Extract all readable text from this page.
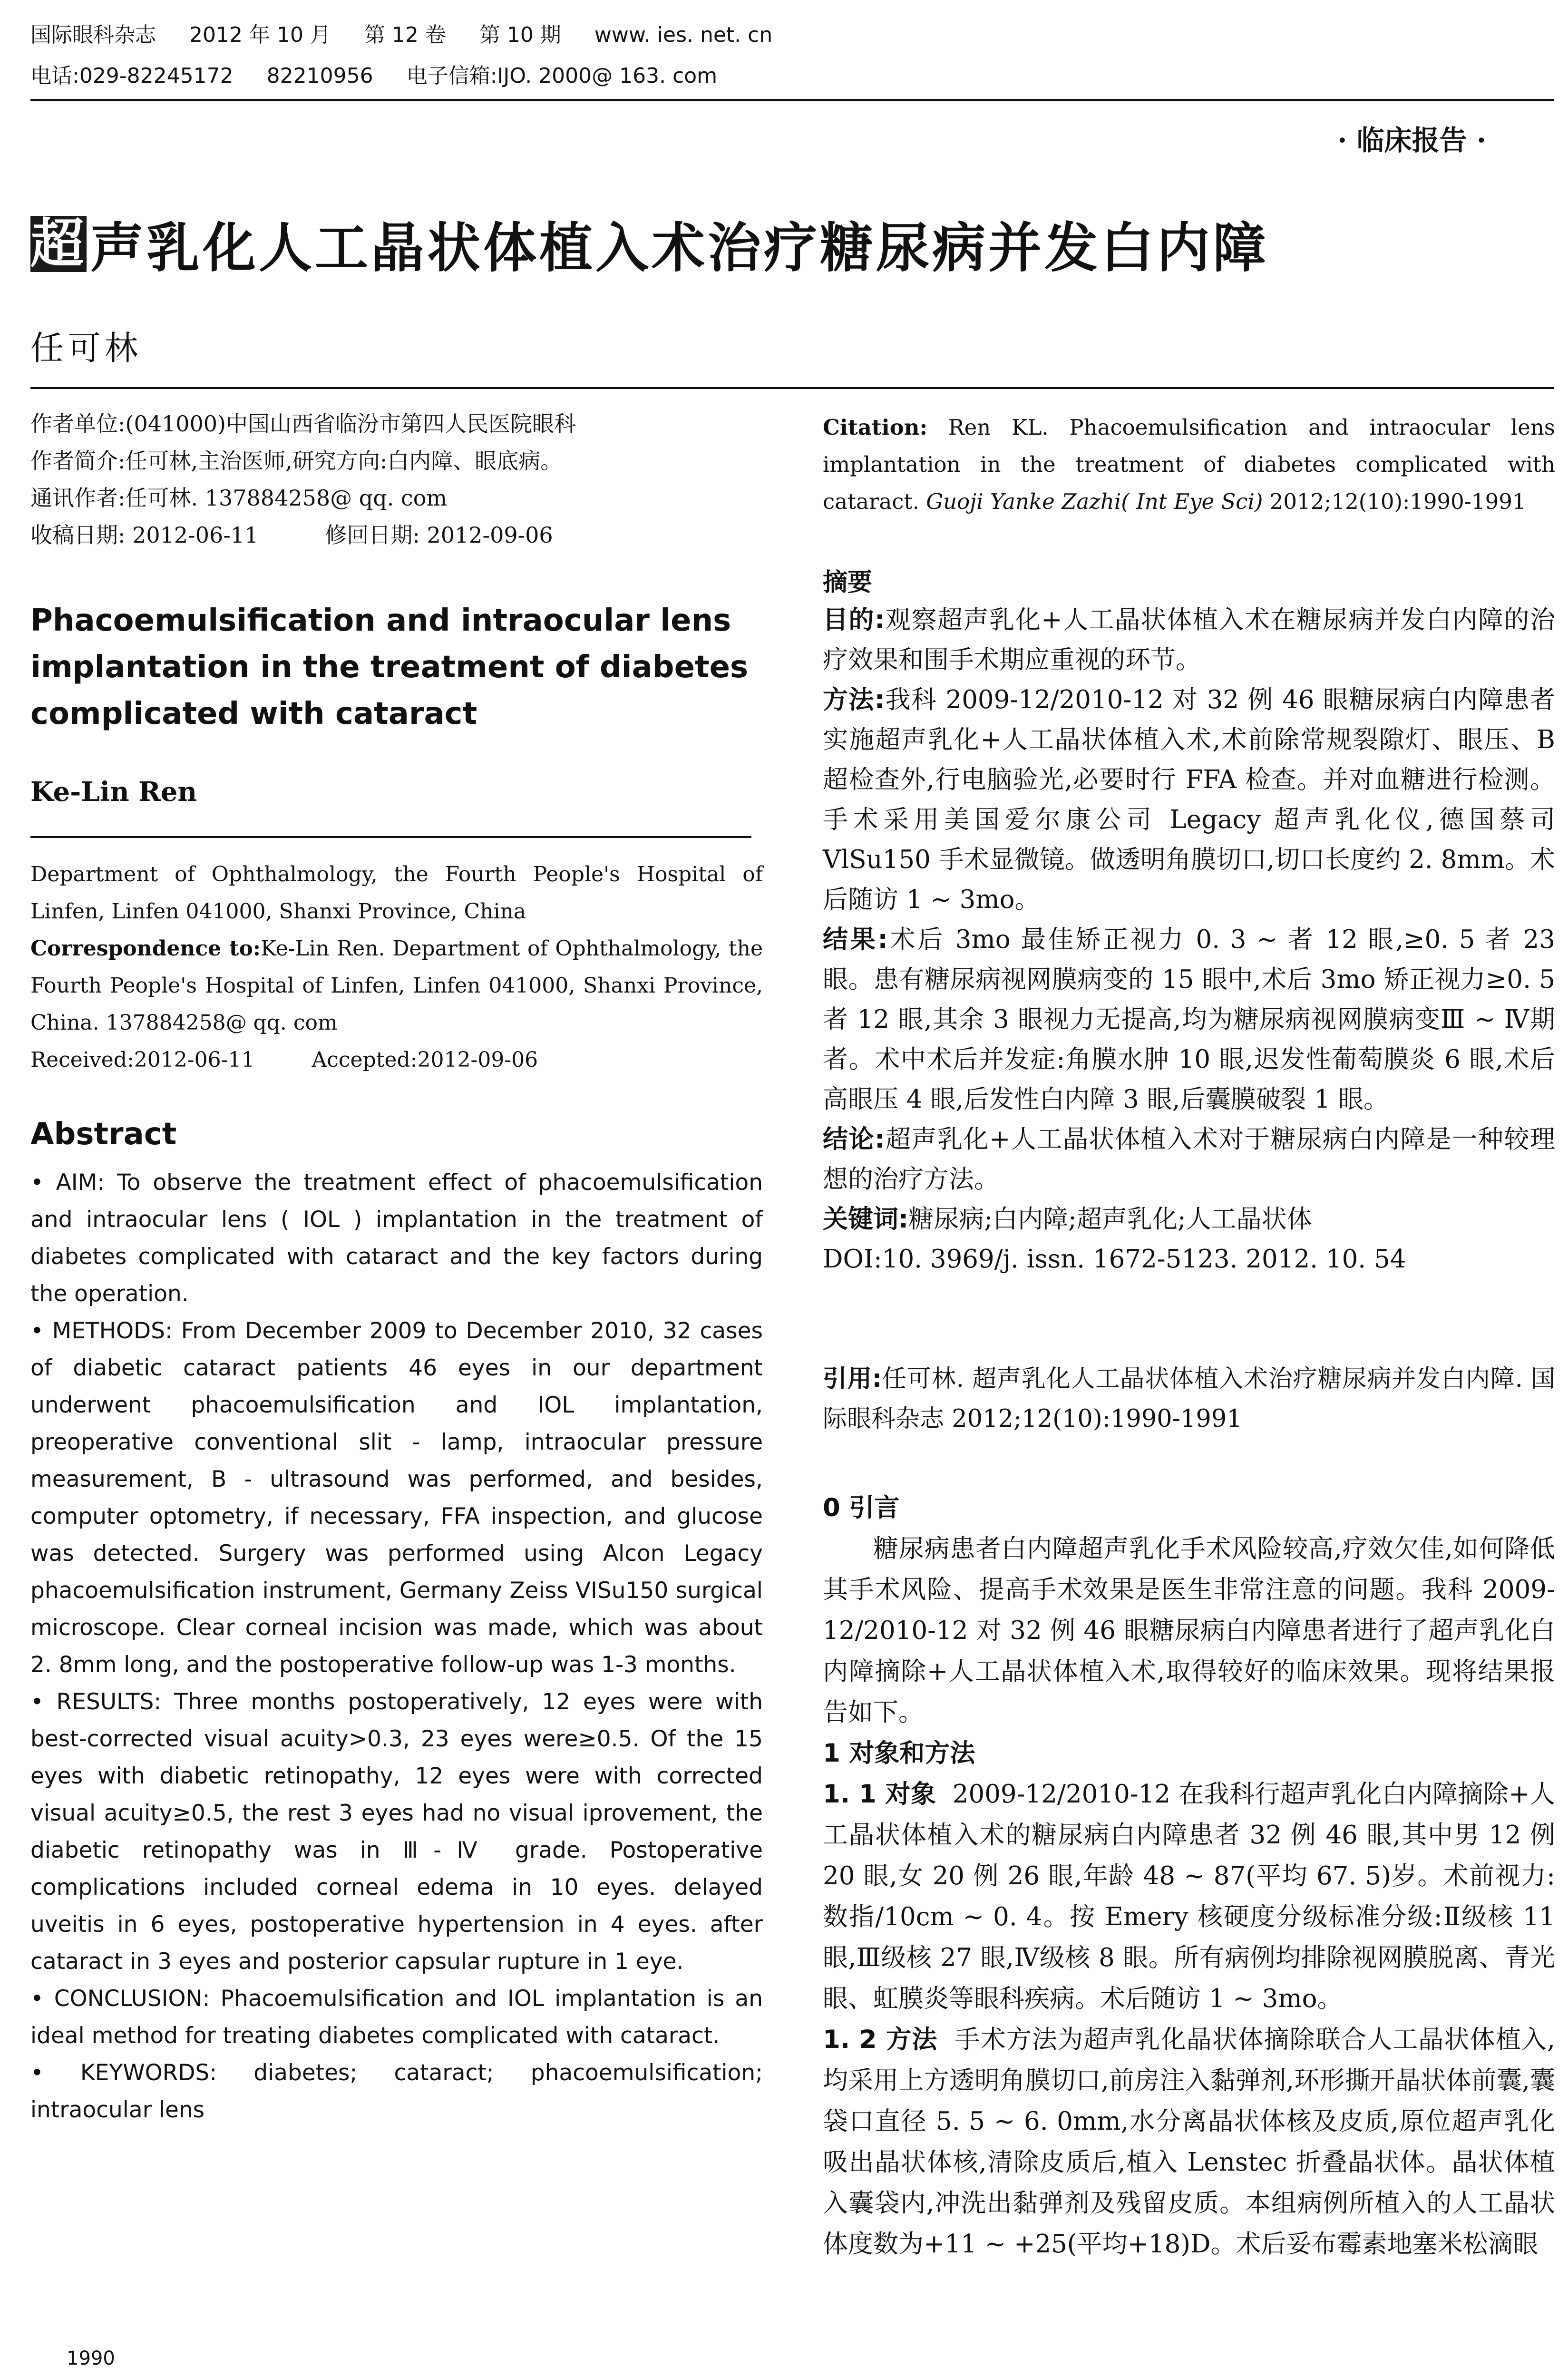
国际眼科杂志 2012 年 10 月 第 12 卷 第 10 期 www. ies. net. cn
电话:029-82245172 82210956 电子信箱:IJO. 2000@ 163. com
· 临床报告 ·
超 声乳化人工晶状体植入术治疗糖尿病并发白内障
任可林
作者单位:(041000)中国山西省临汾市第四人民医院眼科
作者简介:任可林,主治医师,研究方向:白内障、眼底病。
通讯作者:任可林. 137884258@ qq. com
收稿日期: 2012-06-11	修回日期: 2012-09-06
Phacoemulsification and intraocular lens implantation in the treatment of diabetes complicated with cataract
Ke-Lin Ren
Department of Ophthalmology, the Fourth People's Hospital of Linfen, Linfen 041000, Shanxi Province, China
Correspondence to:Ke-Lin Ren. Department of Ophthalmology, the Fourth People's Hospital of Linfen, Linfen 041000, Shanxi Province, China. 137884258@ qq. com
Received:2012-06-11	Accepted:2012-09-06
Abstract

• AIM: To observe the treatment effect of phacoemulsification and intraocular lens ( IOL ) implantation in the treatment of diabetes complicated with cataract and the key factors during the operation.

• METHODS: From December 2009 to December 2010, 32 cases of diabetic cataract patients 46 eyes in our department underwent phacoemulsification and IOL implantation, preoperative conventional slit - lamp, intraocular pressure measurement, B - ultrasound was performed, and besides, computer optometry, if necessary, FFA inspection, and glucose was detected. Surgery was performed using Alcon Legacy phacoemulsification instrument, Germany Zeiss VISu150 surgical microscope. Clear corneal incision was made, which was about 2. 8mm long, and the postoperative follow-up was 1-3 months.

• RESULTS: Three months postoperatively, 12 eyes were with best-corrected visual acuity>0.3, 23 eyes were≥0.5. Of the 15 eyes with diabetic retinopathy, 12 eyes were with corrected visual acuity≥0.5, the rest 3 eyes had no visual iprovement, the diabetic retinopathy was in Ⅲ-Ⅳ grade. Postoperative complications included corneal edema in 10 eyes. delayed uveitis in 6 eyes, postoperative hypertension in 4 eyes. after cataract in 3 eyes and posterior capsular rupture in 1 eye.

• CONCLUSION: Phacoemulsification and IOL implantation is an ideal method for treating diabetes complicated with cataract.

• KEYWORDS: diabetes; cataract; phacoemulsification; intraocular lens

Citation: Ren KL. Phacoemulsification and intraocular lens implantation in the treatment of diabetes complicated with cataract. Guoji Yanke Zazhi( Int Eye Sci) 2012;12(10):1990-1991
摘要

目的:观察超声乳化+人工晶状体植入术在糖尿病并发白内障的治疗效果和围手术期应重视的环节。

方法:我科 2009-12/2010-12 对 32 例 46 眼糖尿病白内障患者实施超声乳化+人工晶状体植入术,术前除常规裂隙灯、眼压、B 超检查外,行电脑验光,必要时行 FFA 检查。并对血糖进行检测。手术采用美国爱尔康公司 Legacy 超声乳化仪,德国蔡司 VlSu150 手术显微镜。做透明角膜切口,切口长度约 2. 8mm。术后随访 1 ~ 3mo。

结果:术后 3mo 最佳矫正视力 0. 3 ~ 者 12 眼,≥0. 5 者 23 眼。患有糖尿病视网膜病变的 15 眼中,术后 3mo 矫正视力≥0. 5 者 12 眼,其余 3 眼视力无提高,均为糖尿病视网膜病变Ⅲ ~ Ⅳ期者。术中术后并发症:角膜水肿 10 眼,迟发性葡萄膜炎 6 眼,术后高眼压 4 眼,后发性白内障 3 眼,后囊膜破裂 1 眼。

结论:超声乳化+人工晶状体植入术对于糖尿病白内障是一种较理想的治疗方法。

关键词:糖尿病;白内障;超声乳化;人工晶状体

DOI:10. 3969/j. issn. 1672-5123. 2012. 10. 54

引用:任可林. 超声乳化人工晶状体植入术治疗糖尿病并发白内障. 国际眼科杂志 2012;12(10):1990-1991

0 引言

糖尿病患者白内障超声乳化手术风险较高,疗效欠佳,如何降低其手术风险、提高手术效果是医生非常注意的问题。我科 2009-12/2010-12 对 32 例 46 眼糖尿病白内障患者进行了超声乳化白内障摘除+人工晶状体植入术,取得较好的临床效果。现将结果报告如下。

1 对象和方法

1. 1 对象 2009-12/2010-12 在我科行超声乳化白内障摘除+人工晶状体植入术的糖尿病白内障患者 32 例 46 眼,其中男 12 例 20 眼,女 20 例 26 眼,年龄 48 ~ 87(平均 67. 5)岁。术前视力:数指/10cm ~ 0. 4。按 Emery 核硬度分级标准分级:Ⅱ级核 11 眼,Ⅲ级核 27 眼,Ⅳ级核 8 眼。所有病例均排除视网膜脱离、青光眼、虹膜炎等眼科疾病。术后随访 1 ~ 3mo。

1. 2 方法 手术方法为超声乳化晶状体摘除联合人工晶状体植入,均采用上方透明角膜切口,前房注入黏弹剂,环形撕开晶状体前囊,囊袋口直径 5. 5 ~ 6. 0mm,水分离晶状体核及皮质,原位超声乳化吸出晶状体核,清除皮质后,植入 Lenstec 折叠晶状体。晶状体植入囊袋内,冲洗出黏弹剂及残留皮质。本组病例所植入的人工晶状体度数为+11 ~ +25(平均+18)D。术后妥布霉素地塞米松滴眼

1990
